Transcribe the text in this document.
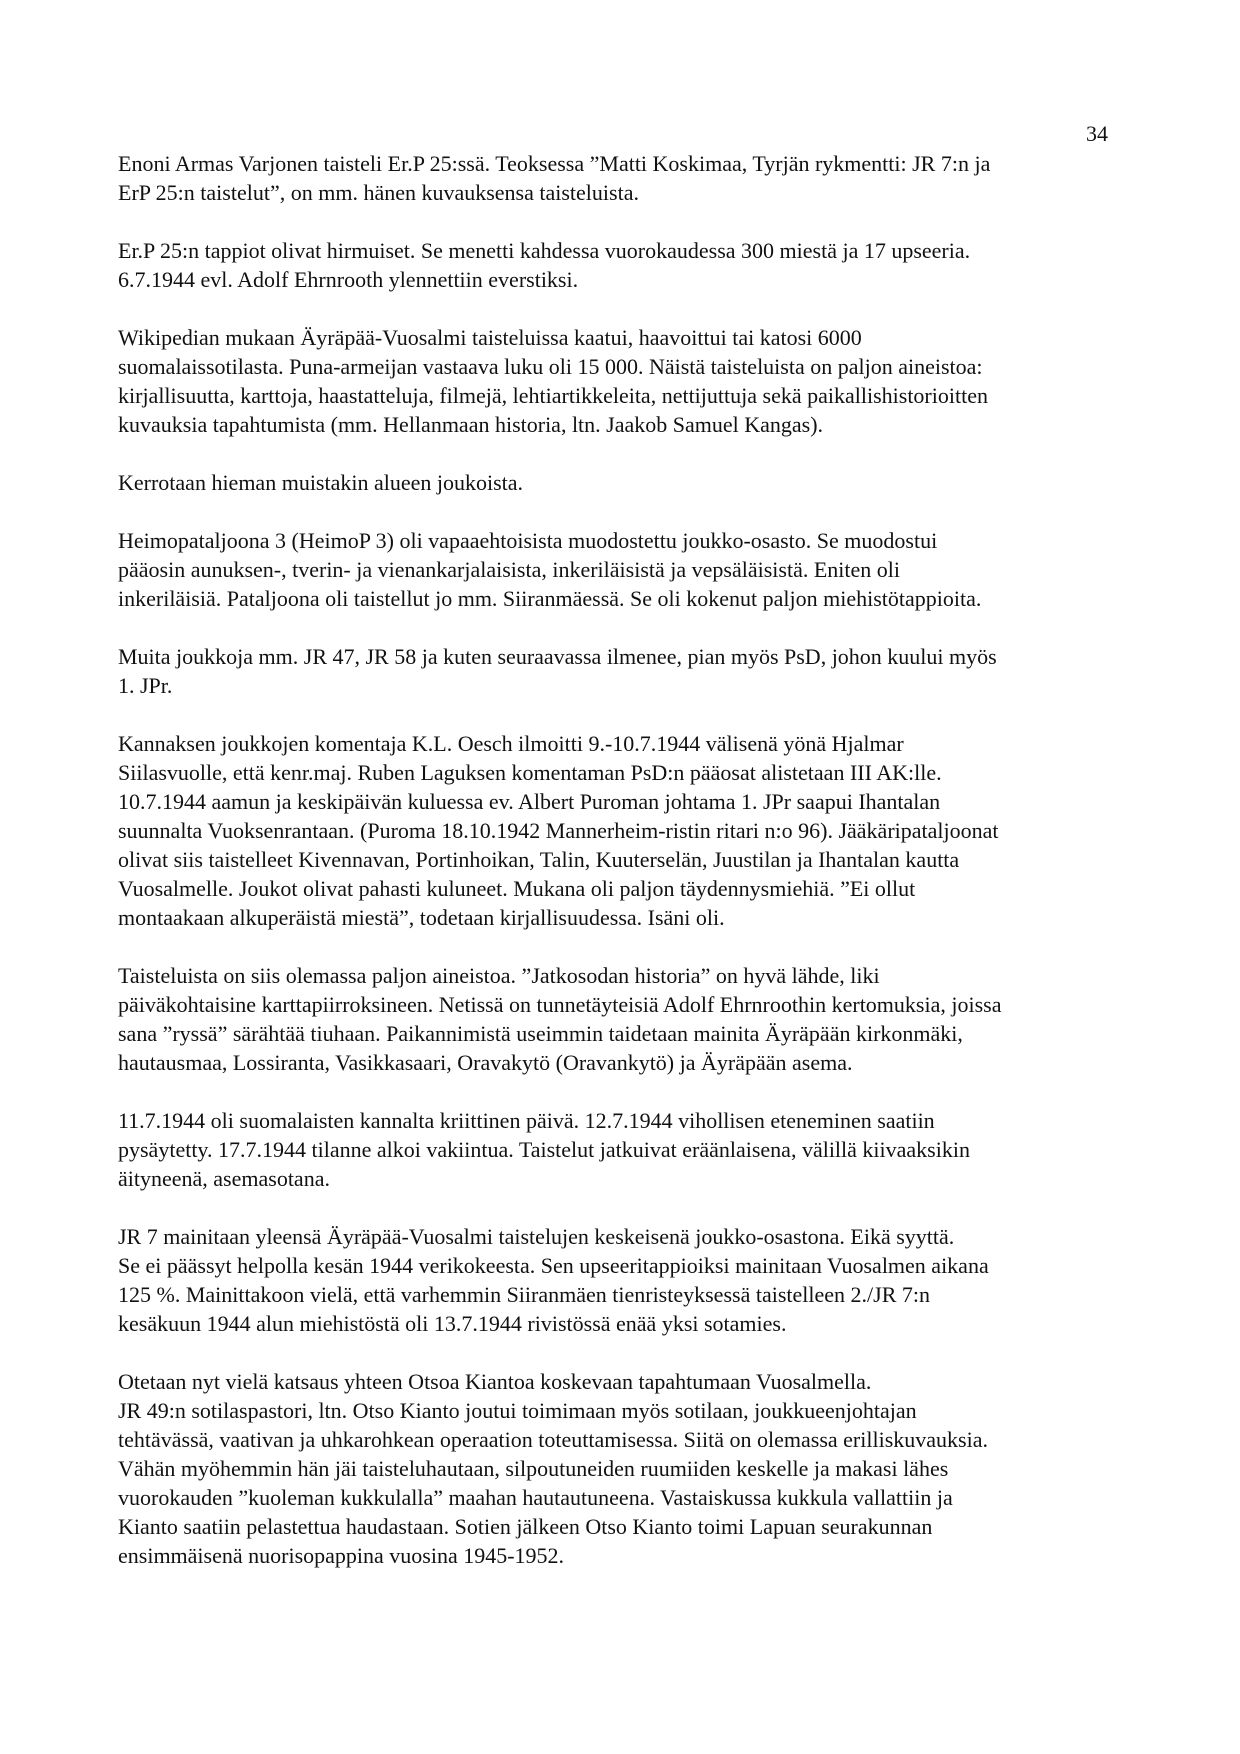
34

Enoni Armas Varjonen taisteli Er.P 25:ssä. Teoksessa ”Matti Koskimaa, Tyrjän rykmentti: JR 7:n ja
ErP 25:n taistelut”, on mm. hänen kuvauksensa taisteluista.

Er.P 25:n tappiot olivat hirmuiset. Se menetti kahdessa vuorokaudessa 300 miestä ja 17 upseeria.
6.7.1944 evl. Adolf Ehrnrooth ylennettiin everstiksi.

Wikipedian mukaan Äyräpää-Vuosalmi taisteluissa kaatui, haavoittui tai katosi 6000
suomalaissotilasta. Puna-armeijan vastaava luku oli 15 000. Näistä taisteluista on paljon aineistoa:
kirjallisuutta, karttoja, haastatteluja, filmejä, lehtiartikkeleita, nettijuttuja sekä paikallishistorioitten
kuvauksia tapahtumista (mm. Hellanmaan historia, ltn. Jaakob Samuel Kangas).

Kerrotaan hieman muistakin alueen joukoista.

Heimopataljoona 3 (HeimoP 3) oli vapaaehtoisista muodostettu joukko-osasto. Se muodostui
pääosin aunuksen-, tverin- ja vienankarjalaisista, inkeriläisistä ja vepsäläisistä. Eniten oli
inkeriläisiä. Pataljoona oli taistellut jo mm. Siiranmäessä. Se oli kokenut paljon miehistötappioita.

Muita joukkoja mm. JR 47, JR 58 ja kuten seuraavassa ilmenee, pian myös PsD, johon kuului myös
1. JPr.

Kannaksen joukkojen komentaja K.L. Oesch ilmoitti 9.-10.7.1944 välisenä yönä Hjalmar
Siilasvuolle, että kenr.maj. Ruben Laguksen komentaman PsD:n pääosat alistetaan III AK:lle.
10.7.1944 aamun ja keskipäivän kuluessa ev. Albert Puroman johtama 1. JPr saapui Ihantalan
suunnalta Vuoksenrantaan. (Puroma 18.10.1942 Mannerheim-ristin ritari n:o 96). Jääkäripataljoonat
olivat siis taistelleet Kivennavan, Portinhoikan, Talin, Kuuterselän, Juustilan ja Ihantalan kautta
Vuosalmelle. Joukot olivat pahasti kuluneet. Mukana oli paljon täydennysmiehiä. ”Ei ollut
montaakaan alkuperäistä miestä”, todetaan kirjallisuudessa. Isäni oli.

Taisteluista on siis olemassa paljon aineistoa. ”Jatkosodan historia” on hyvä lähde, liki
päiväkohtaisine karttapiirroksineen. Netissä on tunnetäyteisiä Adolf Ehrnroothin kertomuksia, joissa
sana ”ryssä” särähtää tiuhaan. Paikannimistä useimmin taidetaan mainita Äyräpään kirkonmäki,
hautausmaa, Lossiranta, Vasikkasaari, Oravakytö (Oravankytö) ja Äyräpään asema.

11.7.1944 oli suomalaisten kannalta kriittinen päivä. 12.7.1944 vihollisen eteneminen saatiin
pysäytetty. 17.7.1944 tilanne alkoi vakiintua. Taistelut jatkuivat eräänlaisena, välillä kiivaaksikin
äityneenä, asemasotana.

JR 7 mainitaan yleensä Äyräpää-Vuosalmi taistelujen keskeisenä joukko-osastona. Eikä syyttä.
Se ei päässyt helpolla kesän 1944 verikokeesta. Sen upseeritappioiksi mainitaan Vuosalmen aikana
125 %. Mainittakoon vielä, että varhemmin Siiranmäen tienristeyksessä taistelleen 2./JR 7:n
kesäkuun 1944 alun miehistöstä oli 13.7.1944 rivistössä enää yksi sotamies.

Otetaan nyt vielä katsaus yhteen Otsoa Kiantoa koskevaan tapahtumaan Vuosalmella.
JR 49:n sotilaspastori, ltn. Otso Kianto joutui toimimaan myös sotilaan, joukkueenjohtajan
tehtävässä, vaativan ja uhkarohkean operaation toteuttamisessa. Siitä on olemassa erilliskuvauksia.
Vähän myöhemmin hän jäi taisteluhautaan, silpoutuneiden ruumiiden keskelle ja makasi lähes
vuorokauden ”kuoleman kukkulalla” maahan hautautuneena. Vastaiskussa kukkula vallattiin ja
Kianto saatiin pelastettua haudastaan. Sotien jälkeen Otso Kianto toimi Lapuan seurakunnan
ensimmäisenä nuorisopappina vuosina 1945-1952.
